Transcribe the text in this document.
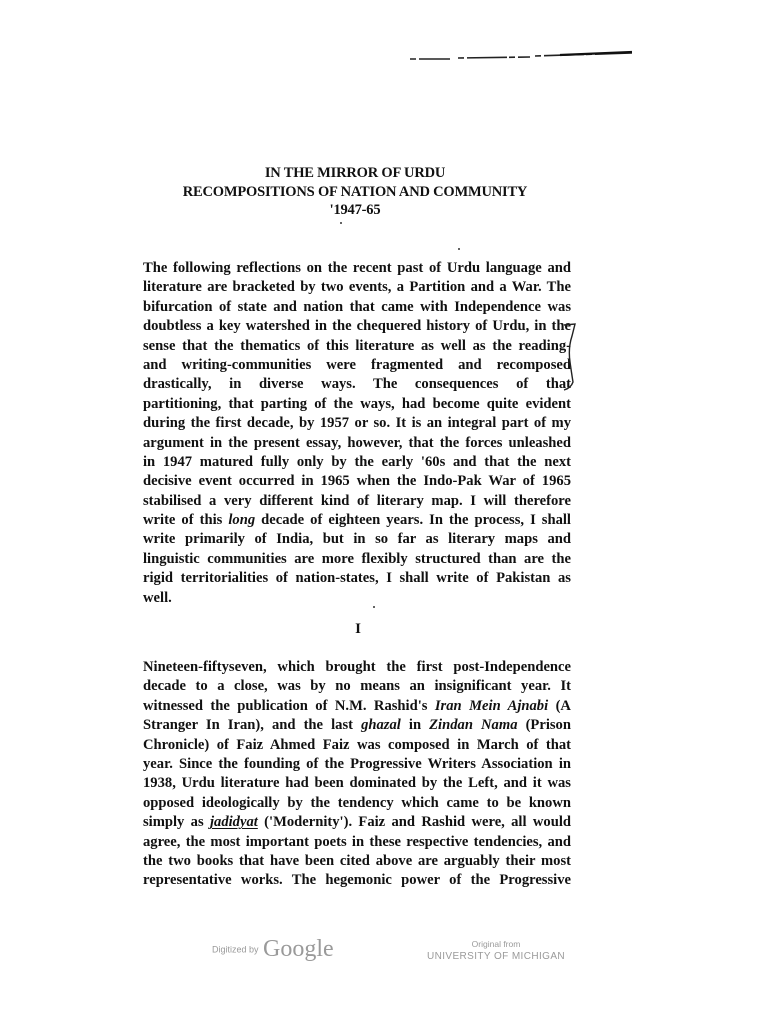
IN THE MIRROR OF URDU
RECOMPOSITIONS OF NATION AND COMMUNITY
'1947-65
The following reflections on the recent past of Urdu language and
literature are bracketed by two events, a Partition and a War. The
bifurcation of state and nation that came with Independence was
doubtless a key watershed in the chequered history of Urdu, in the
sense that the thematics of this literature as well as the reading-
and writing-communities were fragmented and recomposed
drastically, in diverse ways. The consequences of that
partitioning, that parting of the ways, had become quite evident
during the first decade, by 1957 or so. It is an integral part of my
argument in the present essay, however, that the forces unleashed
in 1947 matured fully only by the early '60s and that the next
decisive event occurred in 1965 when the Indo-Pak War of 1965
stabilised a very different kind of literary map. I will therefore
write of this long decade of eighteen years. In the process, I shall
write primarily of India, but in so far as literary maps and
linguistic communities are more flexibly structured than are the
rigid territorialities of nation-states, I shall write of Pakistan as
well.
I
Nineteen-fiftyseven, which brought the first post-Independence
decade to a close, was by no means an insignificant year. It
witnessed the publication of N.M. Rashid's Iran Mein Ajnabi (A
Stranger In Iran), and the last ghazal in Zindan Nama (Prison
Chronicle) of Faiz Ahmed Faiz was composed in March of that
year. Since the founding of the Progressive Writers Association in
1938, Urdu literature had been dominated by the Left, and it was
opposed ideologically by the tendency which came to be known
simply as jadidyat ('Modernity'). Faiz and Rashid were, all would
agree, the most important poets in these respective tendencies, and
the two books that have been cited above are arguably their most
representative works. The hegemonic power of the Progressive
Digitized by Google	Original from
UNIVERSITY OF MICHIGAN
